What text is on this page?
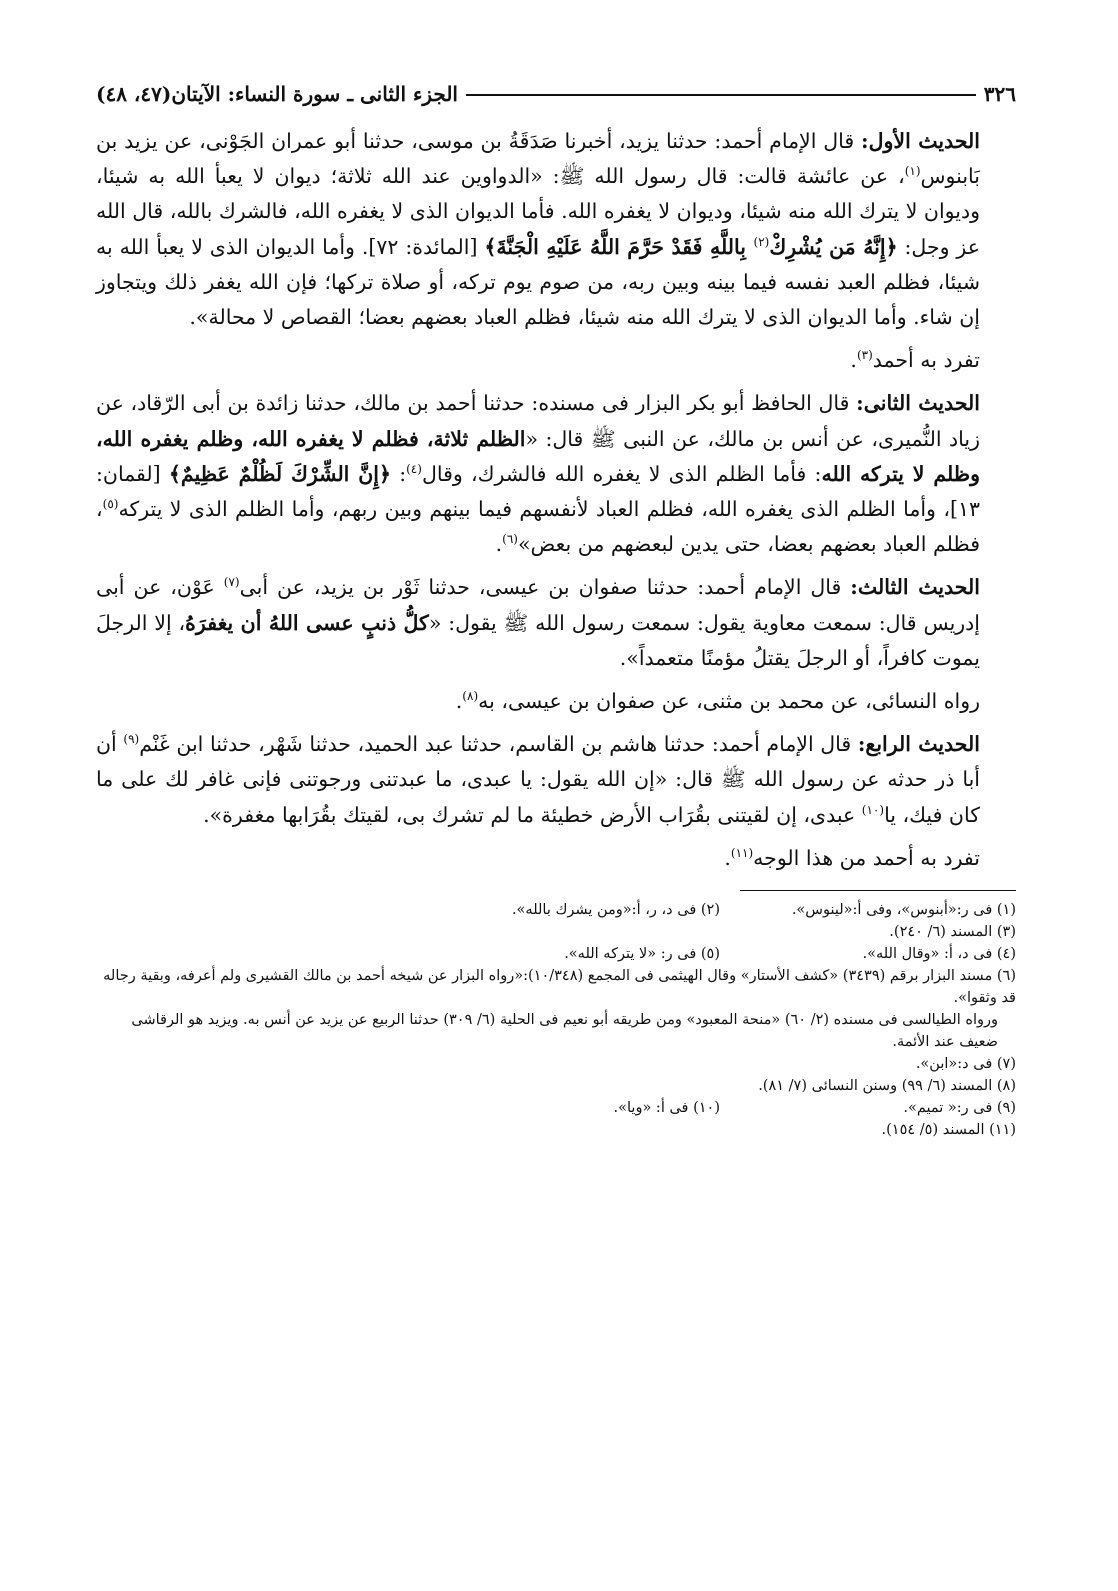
٣٢٦
الجزء الثانى ـ سورة النساء: الآيتان(٤٧، ٤٨)

الحديث الأول: قال الإمام أحمد: حدثنا يزيد، أخبرنا صَدَقَةُ بن موسى، حدثنا أبو عمران الجَوْنى، عن يزيد بن بَابنوس$^{(١)}$، عن عائشة قالت: قال رسول الله ﷺ: «الدواوين عند الله ثلاثة؛ ديوان لا يعبأ الله به شيئا، وديوان لا يترك الله منه شيئا، وديوان لا يغفره الله. فأما الديوان الذى لا يغفره الله، فالشرك بالله، قال الله عز وجل: ﴿إِنَّهُ مَن يُشْرِكْ$^{(٢)}$ بِاللَّهِ فَقَدْ حَرَّمَ اللَّهُ عَلَيْهِ الْجَنَّةَ﴾ [المائدة: ٧٢]. وأما الديوان الذى لا يعبأ الله به شيئا، فظلم العبد نفسه فيما بينه وبين ربه، من صوم يوم تركه، أو صلاة تركها؛ فإن الله يغفر ذلك ويتجاوز إن شاء. وأما الديوان الذى لا يترك الله منه شيئا، فظلم العباد بعضهم بعضا؛ القصاص لا محالة».

تفرد به أحمد$^{(٣)}$.

الحديث الثانى: قال الحافظ أبو بكر البزار فى مسنده: حدثنا أحمد بن مالك، حدثنا زائدة بن أبى الرّقاد، عن زياد النُّميرى، عن أنس بن مالك، عن النبى ﷺ قال: «الظلم ثلاثة، فظلم لا يغفره الله، وظلم يغفره الله، وظلم لا يتركه الله: فأما الظلم الذى لا يغفره الله فالشرك، وقال$^{(٤)}$: ﴿إِنَّ الشِّرْكَ لَظُلْمٌ عَظِيمٌ﴾ [لقمان: ١٣]، وأما الظلم الذى يغفره الله، فظلم العباد لأنفسهم فيما بينهم وبين ربهم، وأما الظلم الذى لا يتركه$^{(٥)}$، فظلم العباد بعضهم بعضا، حتى يدين لبعضهم من بعض»$^{(٦)}$.

الحديث الثالث: قال الإمام أحمد: حدثنا صفوان بن عيسى، حدثنا ثَوْر بن يزيد، عن أبى$^{(٧)}$ عَوْن، عن أبى إدريس قال: سمعت معاوية يقول: سمعت رسول الله ﷺ يقول: «كلُّ ذنبٍ عسى اللهُ أن يغفرَهُ، إلا الرجلَ يموت كافراً، أو الرجلَ يقتلُ مؤمنًا متعمداً».

رواه النسائى، عن محمد بن مثنى، عن صفوان بن عيسى، به$^{(٨)}$.

الحديث الرابع: قال الإمام أحمد: حدثنا هاشم بن القاسم، حدثنا عبد الحميد، حدثنا شَهْر، حدثنا ابن غَنْم$^{(٩)}$ أن أبا ذر حدثه عن رسول الله ﷺ قال: «إن الله يقول: يا عبدى، ما عبدتنى ورجوتنى فإنى غافر لك على ما كان فيك، يا$^{(١٠)}$ عبدى، إن لقيتنى بقُرَاب الأرض خطيئة ما لم تشرك بى، لقيتك بقُرَابها مغفرة».

تفرد به أحمد من هذا الوجه$^{(١١)}$.

(١) فى ر:«أبنوس»، وفى أ:«لينوس».
(٢) فى د، ر، أ:«ومن يشرك بالله».

(٣) المسند (٦/ ٢٤٠).

(٤) فى د، أ: «وقال الله».
(٥) فى ر: «لا يتركه الله».

(٦) مسند البزار برقم (٣٤٣٩) «كشف الأستار» وقال الهيثمى فى المجمع (١٠/٣٤٨):«رواه البزار عن شيخه أحمد بن مالك القشيرى ولم أعرفه، وبقية رجاله قد وثقوا».

ورواه الطيالسى فى مسنده (٢/ ٦٠) «منحة المعبود» ومن طريقه أبو نعيم فى الحلية (٦/ ٣٠٩) حدثنا الربيع عن يزيد عن أنس به. ويزيد هو الرقاشى ضعيف عند الأئمة.

(٧) فى د:«ابن».

(٨) المسند (٦/ ٩٩) وسنن النسائى (٧/ ٨١).

(٩) فى ر:« تميم».
(١٠) فى أ: «ويا».

(١١) المسند (٥/ ١٥٤).
